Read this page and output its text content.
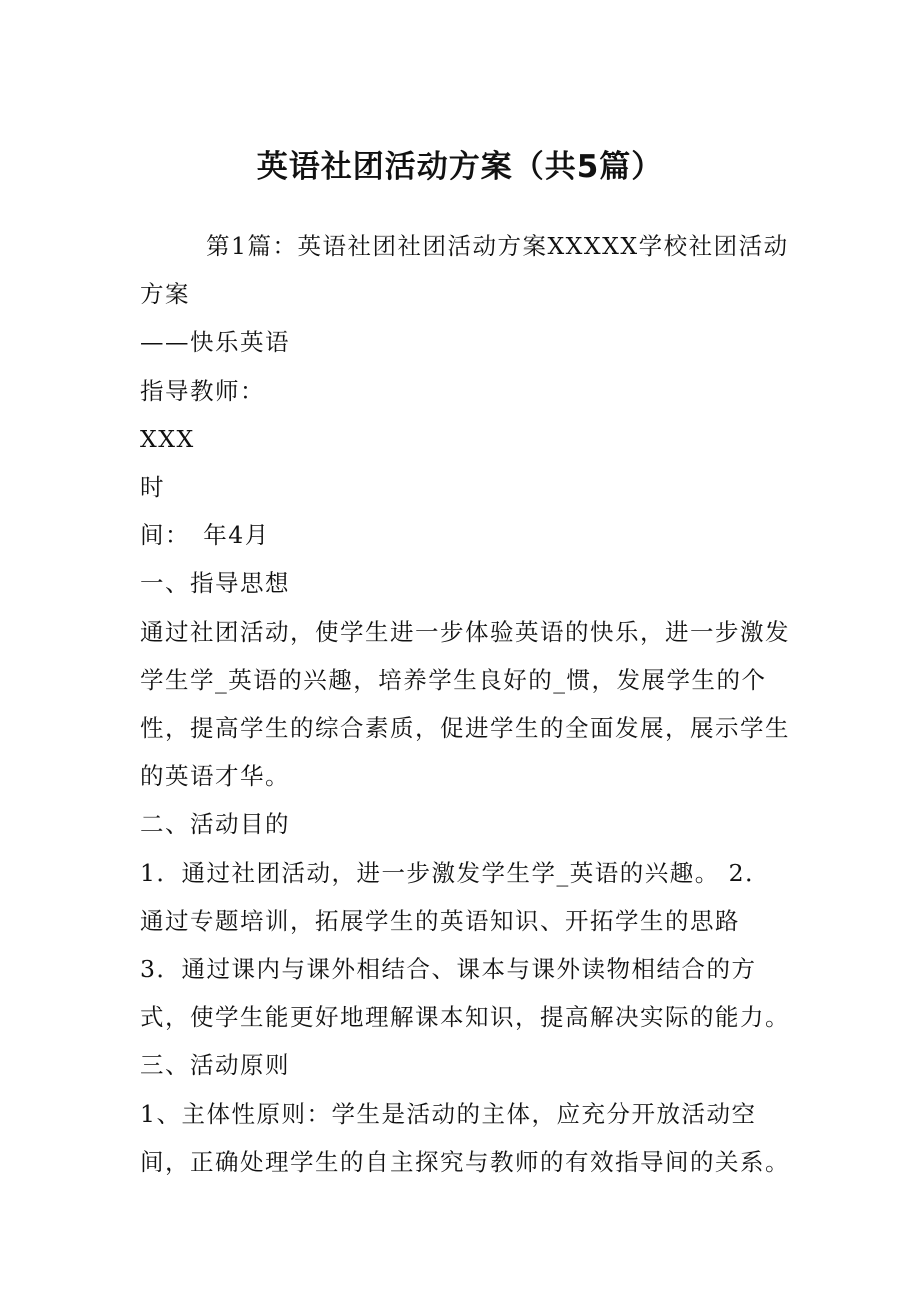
英语社团活动方案（共5篇）

第1篇：英语社团社团活动方案XXXXX学校社团活动方案

——快乐英语

指导教师：

XXX

时

间：　年4月

一、指导思想

通过社团活动，使学生进一步体验英语的快乐，进一步激发学生学_英语的兴趣，培养学生良好的_惯，发展学生的个性，提高学生的综合素质，促进学生的全面发展，展示学生的英语才华。

二、活动目的

1．通过社团活动，进一步激发学生学_英语的兴趣。 2．通过专题培训，拓展学生的英语知识、开拓学生的思路

3．通过课内与课外相结合、课本与课外读物相结合的方式，使学生能更好地理解课本知识，提高解决实际的能力。

三、活动原则

1、主体性原则：学生是活动的主体，应充分开放活动空间，正确处理学生的自主探究与教师的有效指导间的关系。
